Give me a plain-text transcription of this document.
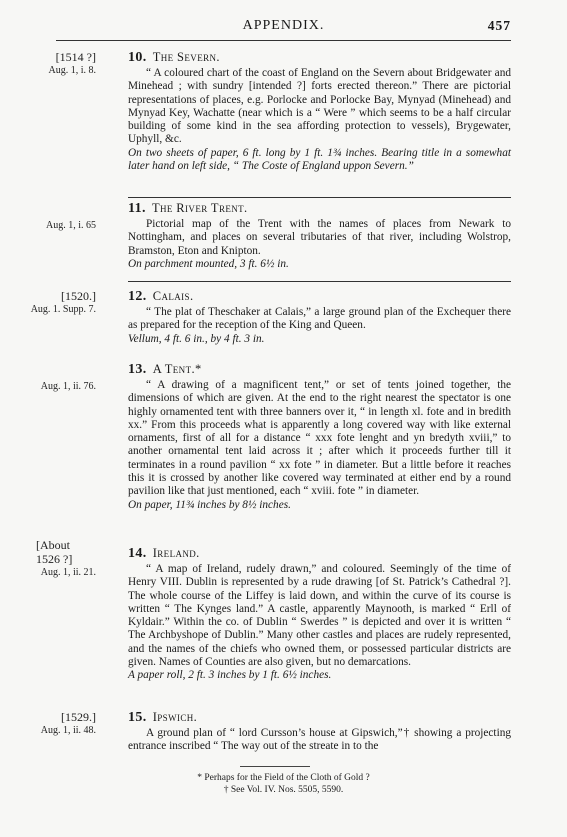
APPENDIX.	457
[1514 ?]
Aug. 1, i. 8.
10. The Severn.

“ A coloured chart of the coast of England on the Severn about Bridgewater and Minehead ; with sundry [intended ?] forts erected thereon.” There are pictorial representations of places, e.g. Porlocke and Porlocke Bay, Mynyad (Minehead) and Mynyad Key, Wachatte (near which is a “ Were ” which seems to be a half circular building of some kind in the sea affording protection to vessels), Brygewater, Uphyll, &c.

On two sheets of paper, 6 ft. long by 1 ft. 1¾ inches. Bearing title in a somewhat later hand on left side, “ The Coste of England uppon Severn.”

Aug. 1, i. 65
11. The River Trent.

Pictorial map of the Trent with the names of places from Newark to Nottingham, and places on several tributaries of that river, including Wolstrop, Bramston, Eton and Knipton.

On parchment mounted, 3 ft. 6½ in.

[1520.]
Aug. 1. Supp. 7.
12. Calais.

“ The plat of Theschaker at Calais,” a large ground plan of the Exchequer there as prepared for the reception of the King and Queen.

Vellum, 4 ft. 6 in., by 4 ft. 3 in.

Aug. 1, ii. 76.
13. A Tent.*

“ A drawing of a magnificent tent,” or set of tents joined together, the dimensions of which are given. At the end to the right nearest the spectator is one highly ornamented tent with three banners over it, “ in length xl. fote and in bredith xx.” From this proceeds what is apparently a long covered way with like external ornaments, first of all for a distance “ xxx fote lenght and yn bredyth xviii,” to another ornamental tent laid across it ; after which it proceeds further till it terminates in a round pavilion “ xx fote ” in diameter. But a little before it reaches this it is crossed by another like covered way terminated at either end by a round pavilion like that just mentioned, each “ xviii. fote ” in diameter.

On paper, 11¾ inches by 8½ inches.

[About 1526 ?]
Aug. 1, ii. 21.
14. Ireland.

“ A map of Ireland, rudely drawn,” and coloured. Seemingly of the time of Henry VIII. Dublin is represented by a rude drawing [of St. Patrick’s Cathedral ?]. The whole course of the Liffey is laid down, and within the curve of its course is written “ The Kynges land.” A castle, apparently Maynooth, is marked “ Erll of Kyldair.” Within the co. of Dublin “ Swerdes ” is depicted and over it is written “ The Archbyshope of Dublin.” Many other castles and places are rudely represented, and the names of the chiefs who owned them, or possessed particular districts are given. Names of Counties are also given, but no demarcations.

A paper roll, 2 ft. 3 inches by 1 ft. 6½ inches.

[1529.]
Aug. 1, ii. 48.
15. Ipswich.

A ground plan of “ lord Cursson’s house at Gipswich,”† showing a projecting entrance inscribed “ The way out of the streate in to the

* Perhaps for the Field of the Cloth of Gold ?
† See Vol. IV. Nos. 5505, 5590.
